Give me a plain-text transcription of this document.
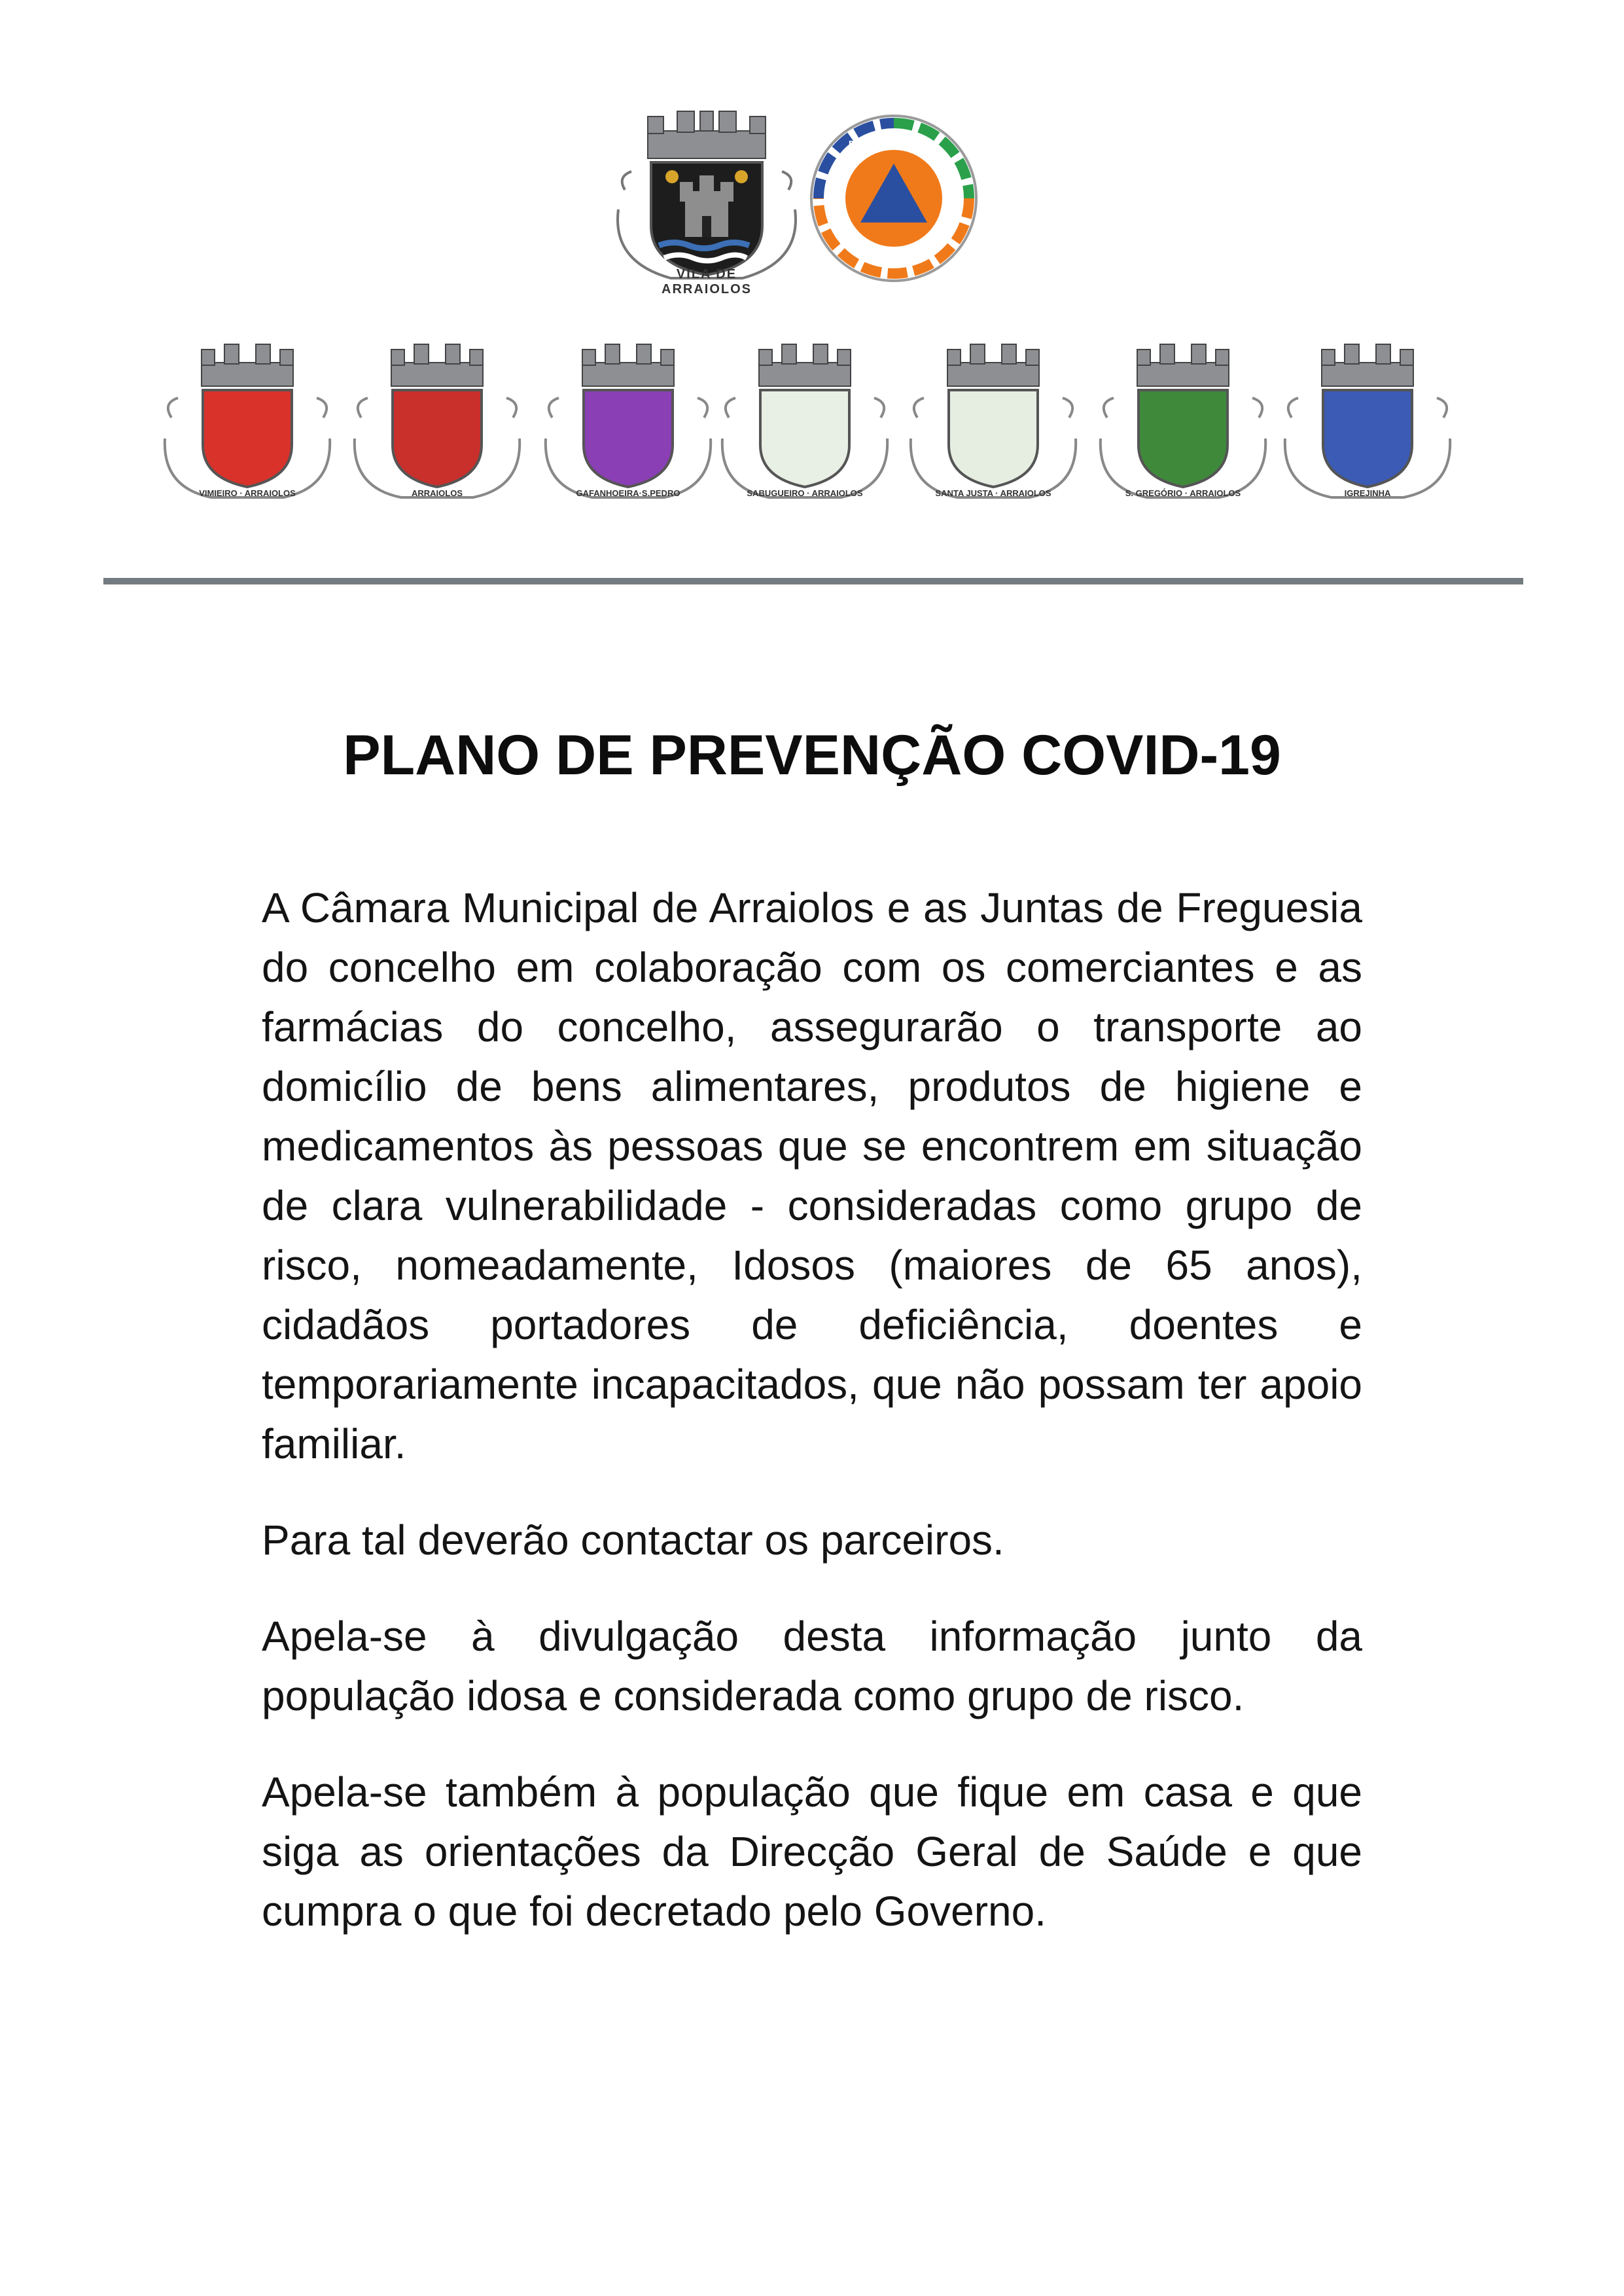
VILA DE ARRAIOLOS
PROTECÇÃO CIVIL
ARRAIOLOS
VIMIEIRO · ARRAIOLOS	ARRAIOLOS	GAFANHOEIRA·S.PEDRO	SABUGUEIRO · ARRAIOLOS	SANTA JUSTA · ARRAIOLOS	S. GREGÓRIO · ARRAIOLOS	IGREJINHA
PLANO DE PREVENÇÃO COVID-19

A Câmara Municipal de Arraiolos e as Juntas de Freguesia do concelho em colaboração com os comerciantes e as farmácias do concelho, assegurarão o transporte ao domicílio de bens alimentares, produtos de higiene e medicamentos às pessoas que se encontrem em situação de clara vulnerabilidade - consideradas como grupo de risco, nomeadamente, Idosos (maiores de 65 anos), cidadãos portadores de deficiência, doentes e temporariamente incapacitados, que não possam ter apoio familiar.

Para tal deverão contactar os parceiros.

Apela-se à divulgação desta informação junto da população idosa e considerada como grupo de risco.

Apela-se também à população que fique em casa e que siga as orientações da Direcção Geral de Saúde e que cumpra o que foi decretado pelo Governo.
